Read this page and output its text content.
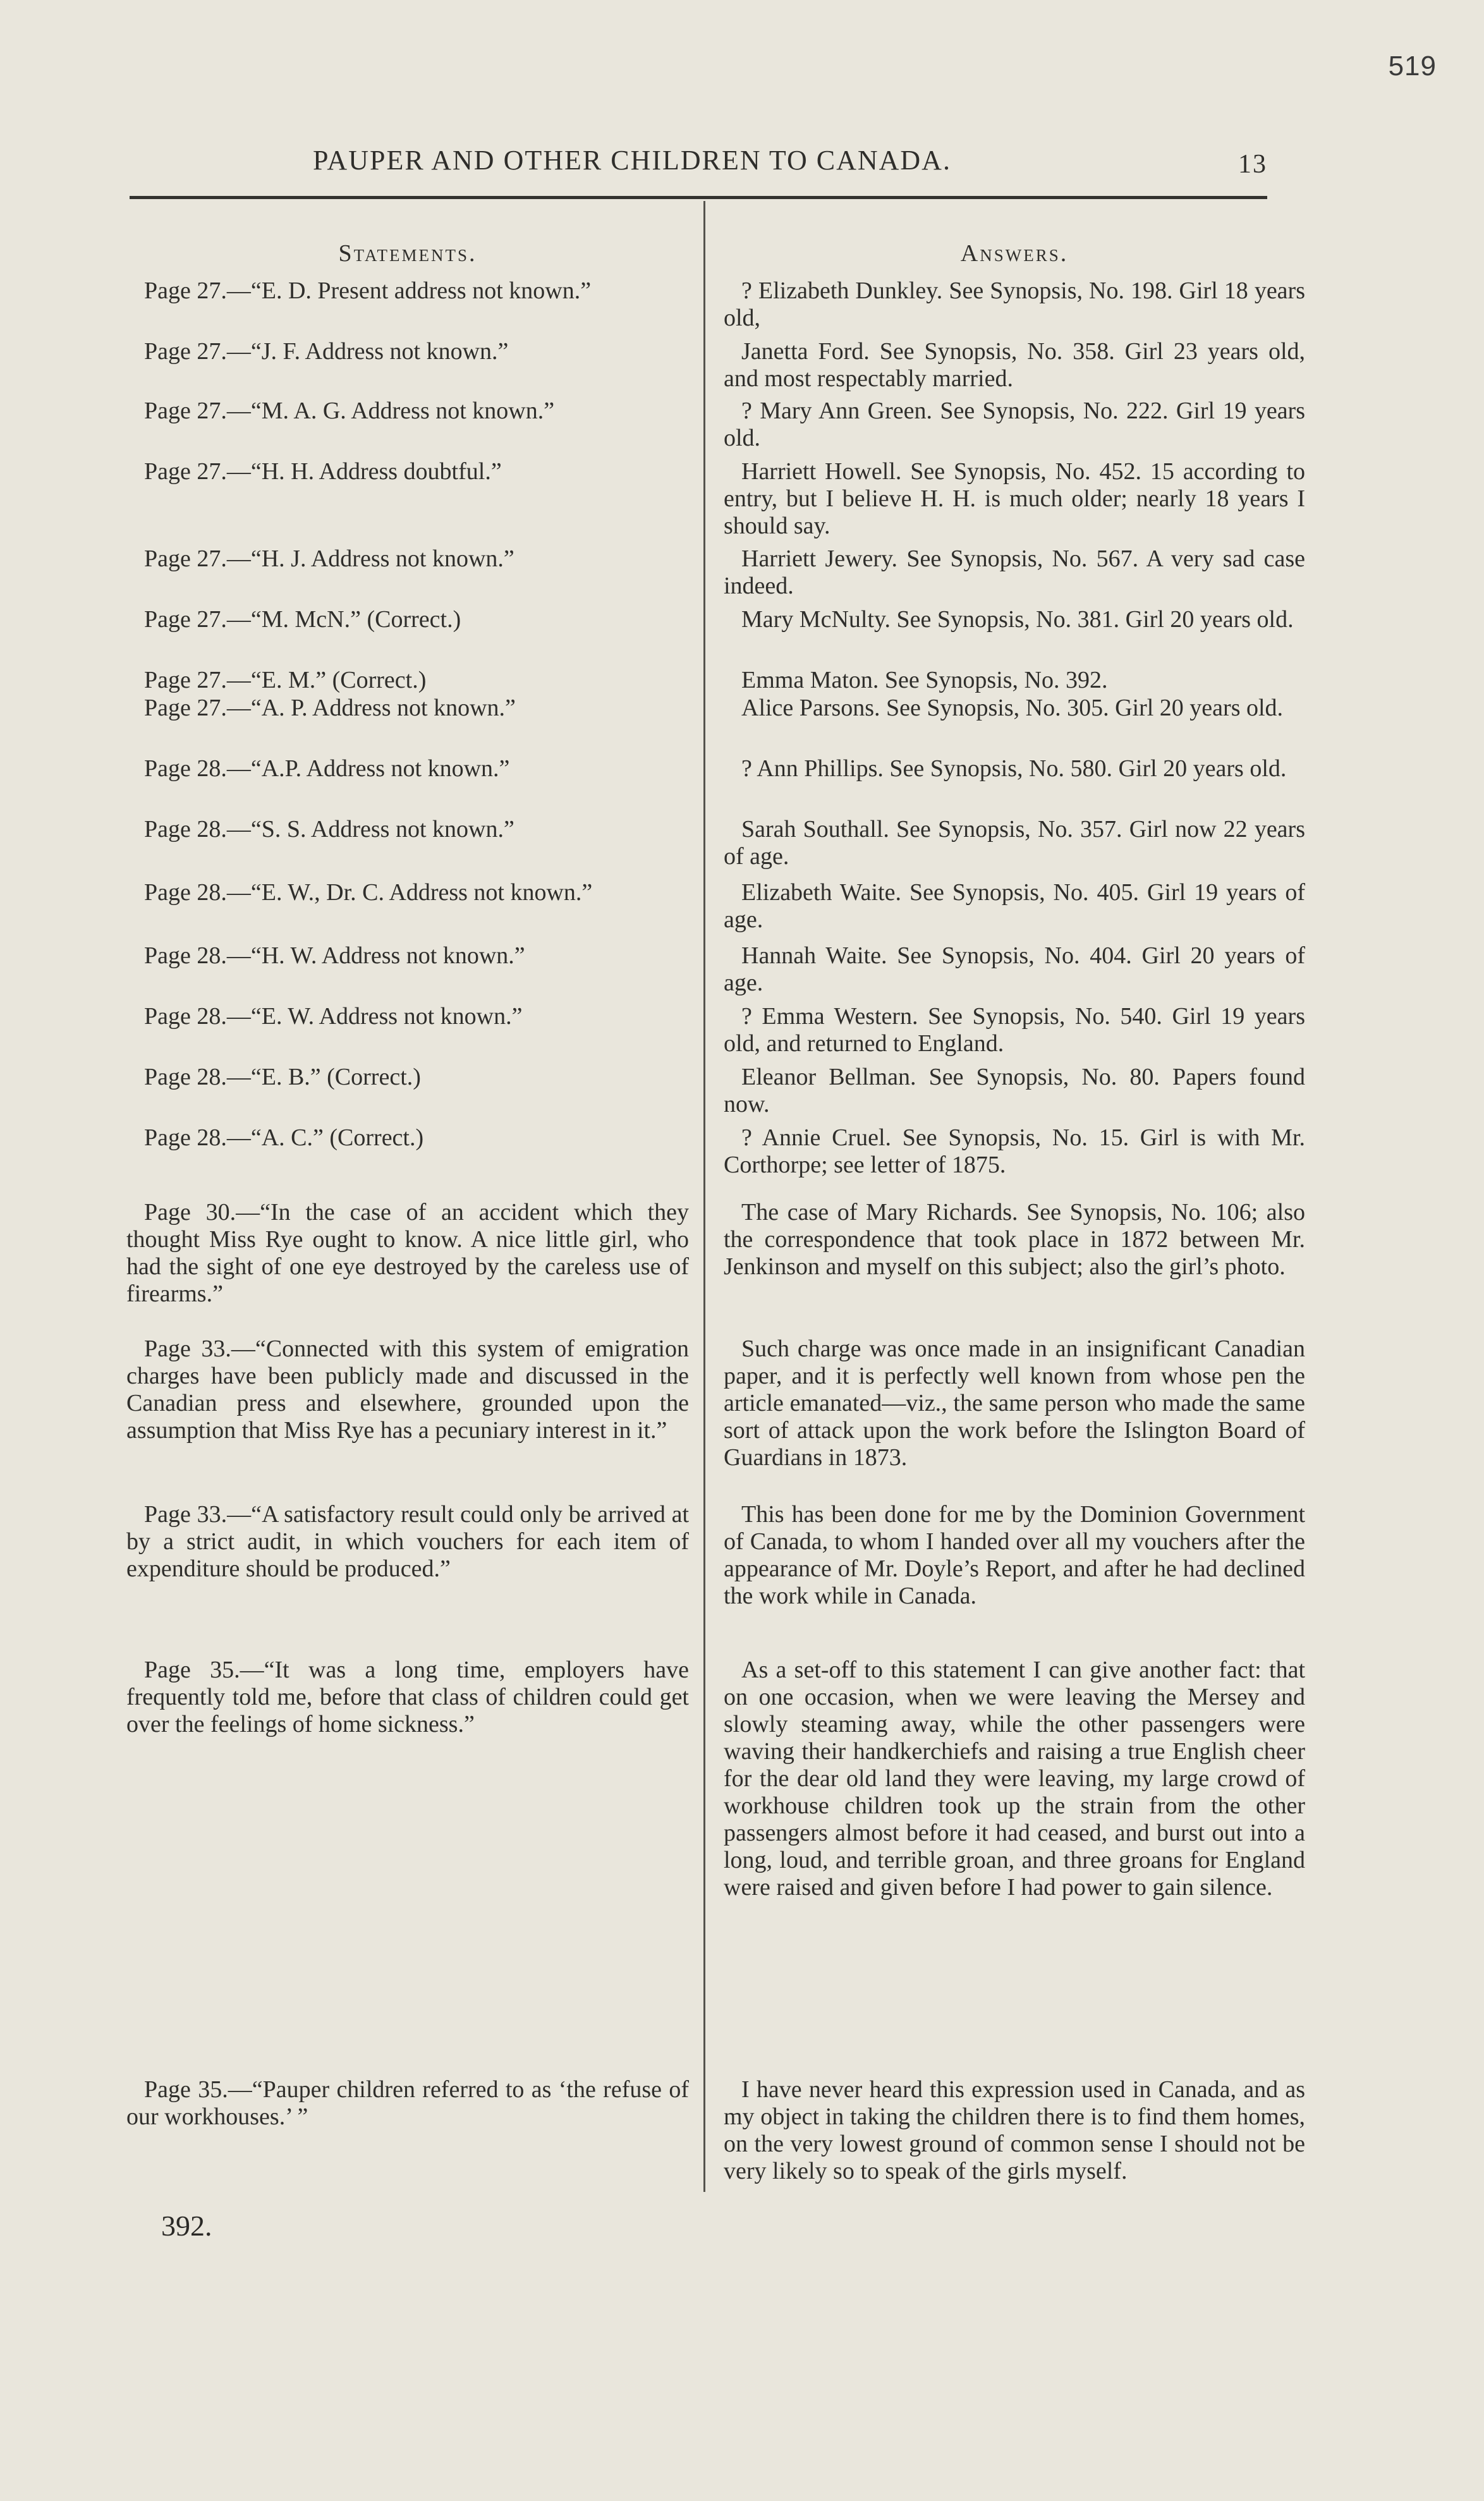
519
PAUPER AND OTHER CHILDREN TO CANADA.	13
Statements.
Page 27.—“E. D. Present address not known.”
Page 27.—“J. F. Address not known.”
Page 27.—“M. A. G. Address not known.”
Page 27.—“H. H. Address doubtful.”
Page 27.—“H. J. Address not known.”
Page 27.—“M. McN.” (Correct.)
Page 27.—“E. M.” (Correct.)
Page 27.—“A. P. Address not known.”
Page 28.—“A.P. Address not known.”
Page 28.—“S. S. Address not known.”
Page 28.—“E. W., Dr. C. Address not known.”
Page 28.—“H. W. Address not known.”
Page 28.—“E. W. Address not known.”
Page 28.—“E. B.” (Correct.)
Page 28.—“A. C.” (Correct.)
Page 30.—“In the case of an accident which they thought Miss Rye ought to know. A nice little girl, who had the sight of one eye destroyed by the careless use of firearms.”
Page 33.—“Connected with this system of emigration charges have been publicly made and discussed in the Canadian press and elsewhere, grounded upon the assumption that Miss Rye has a pecuniary interest in it.”
Page 33.—“A satisfactory result could only be arrived at by a strict audit, in which vouchers for each item of expenditure should be produced.”
Page 35.—“It was a long time, employers have frequently told me, before that class of children could get over the feelings of home sickness.”
Page 35.—“Pauper children referred to as ‘the refuse of our workhouses.’ ”
Answers.
? Elizabeth Dunkley. See Synopsis, No. 198. Girl 18 years old,
Janetta Ford. See Synopsis, No. 358. Girl 23 years old, and most respectably married.
? Mary Ann Green. See Synopsis, No. 222. Girl 19 years old.
Harriett Howell. See Synopsis, No. 452. 15 according to entry, but I believe H. H. is much older; nearly 18 years I should say.
Harriett Jewery. See Synopsis, No. 567. A very sad case indeed.
Mary McNulty. See Synopsis, No. 381. Girl 20 years old.
Emma Maton. See Synopsis, No. 392.
Alice Parsons. See Synopsis, No. 305. Girl 20 years old.
? Ann Phillips. See Synopsis, No. 580. Girl 20 years old.
Sarah Southall. See Synopsis, No. 357. Girl now 22 years of age.
Elizabeth Waite. See Synopsis, No. 405. Girl 19 years of age.
Hannah Waite. See Synopsis, No. 404. Girl 20 years of age.
? Emma Western. See Synopsis, No. 540. Girl 19 years old, and returned to England.
Eleanor Bellman. See Synopsis, No. 80. Papers found now.
? Annie Cruel. See Synopsis, No. 15. Girl is with Mr. Corthorpe; see letter of 1875.
The case of Mary Richards. See Synopsis, No. 106; also the correspondence that took place in 1872 between Mr. Jenkinson and myself on this subject; also the girl’s photo.
Such charge was once made in an insignificant Canadian paper, and it is perfectly well known from whose pen the article emanated—viz., the same person who made the same sort of attack upon the work before the Islington Board of Guardians in 1873.
This has been done for me by the Dominion Government of Canada, to whom I handed over all my vouchers after the appearance of Mr. Doyle’s Report, and after he had declined the work while in Canada.
As a set-off to this statement I can give another fact: that on one occasion, when we were leaving the Mersey and slowly steaming away, while the other passengers were waving their handkerchiefs and raising a true English cheer for the dear old land they were leaving, my large crowd of workhouse children took up the strain from the other passengers almost before it had ceased, and burst out into a long, loud, and terrible groan, and three groans for England were raised and given before I had power to gain silence.
I have never heard this expression used in Canada, and as my object in taking the children there is to find them homes, on the very lowest ground of common sense I should not be very likely so to speak of the girls myself.
392.
